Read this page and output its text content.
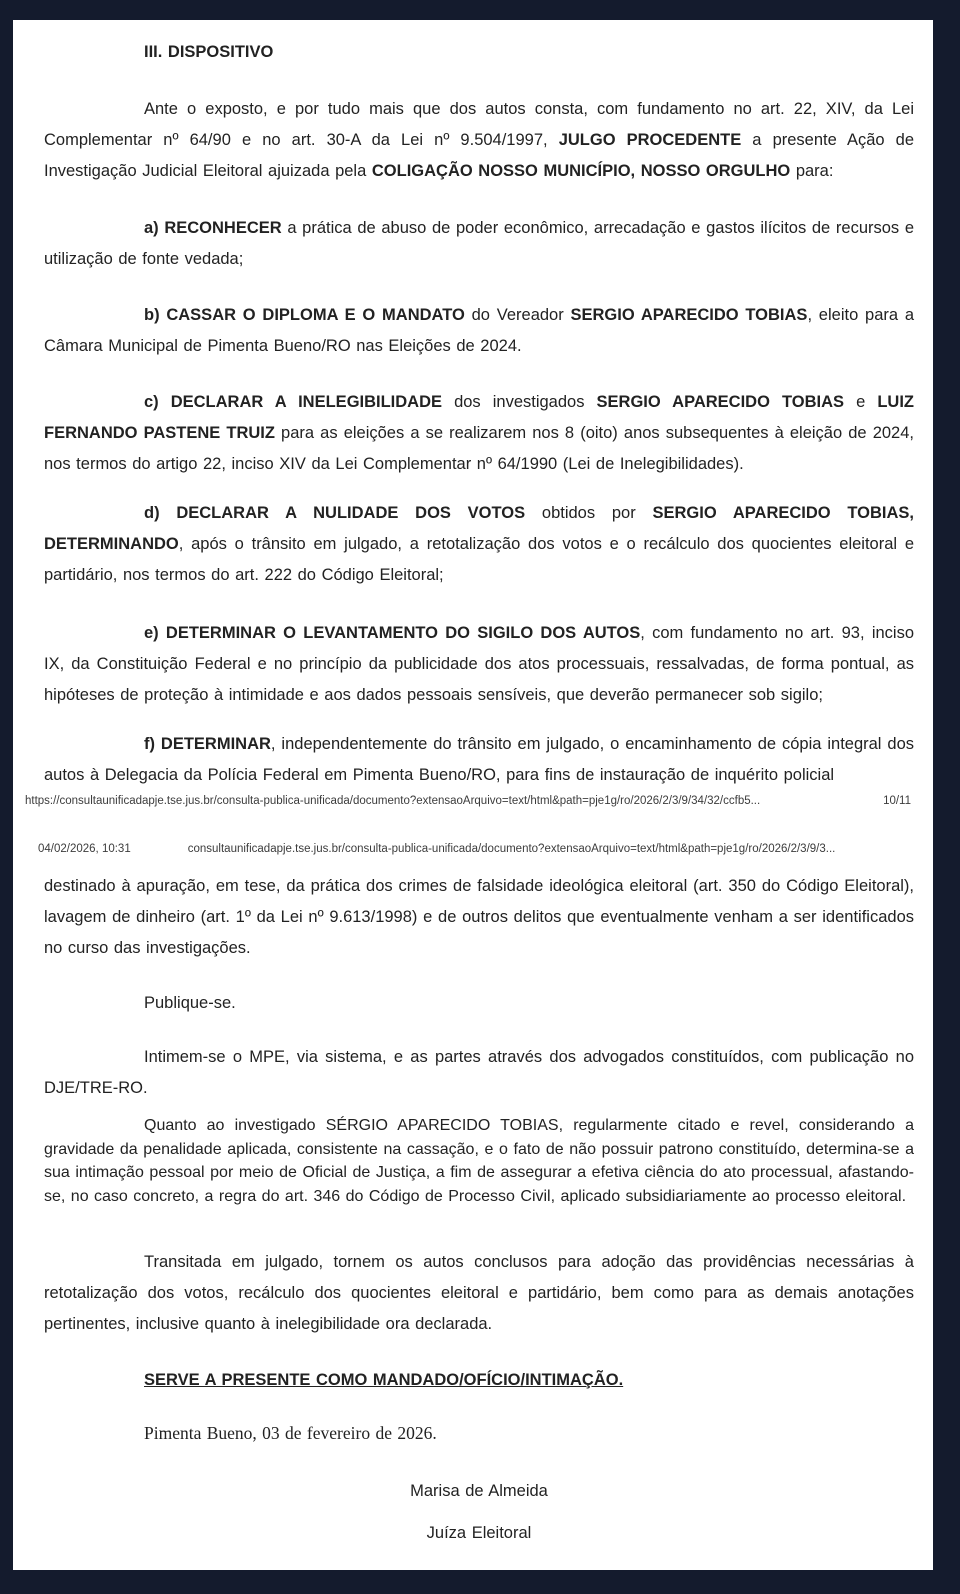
III. DISPOSITIVO

Ante o exposto, e por tudo mais que dos autos consta, com fundamento no art. 22, XIV, da Lei Complementar nº 64/90 e no art. 30-A da Lei nº 9.504/1997, JULGO PROCEDENTE a presente Ação de Investigação Judicial Eleitoral ajuizada pela COLIGAÇÃO NOSSO MUNICÍPIO, NOSSO ORGULHO para:

a) RECONHECER a prática de abuso de poder econômico, arrecadação e gastos ilícitos de recursos e utilização de fonte vedada;

b) CASSAR O DIPLOMA E O MANDATO do Vereador SERGIO APARECIDO TOBIAS, eleito para a Câmara Municipal de Pimenta Bueno/RO nas Eleições de 2024.

c) DECLARAR A INELEGIBILIDADE dos investigados SERGIO APARECIDO TOBIAS e LUIZ FERNANDO PASTENE TRUIZ para as eleições a se realizarem nos 8 (oito) anos subsequentes à eleição de 2024, nos termos do artigo 22, inciso XIV da Lei Complementar nº 64/1990 (Lei de Inelegibilidades).

d) DECLARAR A NULIDADE DOS VOTOS obtidos por SERGIO APARECIDO TOBIAS, DETERMINANDO, após o trânsito em julgado, a retotalização dos votos e o recálculo dos quocientes eleitoral e partidário, nos termos do art. 222 do Código Eleitoral;

e) DETERMINAR O LEVANTAMENTO DO SIGILO DOS AUTOS, com fundamento no art. 93, inciso IX, da Constituição Federal e no princípio da publicidade dos atos processuais, ressalvadas, de forma pontual, as hipóteses de proteção à intimidade e aos dados pessoais sensíveis, que deverão permanecer sob sigilo;

f) DETERMINAR, independentemente do trânsito em julgado, o encaminhamento de cópia integral dos autos à Delegacia da Polícia Federal em Pimenta Bueno/RO, para fins de instauração de inquérito policial

destinado à apuração, em tese, da prática dos crimes de falsidade ideológica eleitoral (art. 350 do Código Eleitoral), lavagem de dinheiro (art. 1º da Lei nº 9.613/1998) e de outros delitos que eventualmente venham a ser identificados no curso das investigações.

Publique-se.

Intimem-se o MPE, via sistema, e as partes através dos advogados constituídos, com publicação no DJE/TRE-RO.

Quanto ao investigado SÉRGIO APARECIDO TOBIAS, regularmente citado e revel, considerando a gravidade da penalidade aplicada, consistente na cassação, e o fato de não possuir patrono constituído, determina-se a sua intimação pessoal por meio de Oficial de Justiça, a fim de assegurar a efetiva ciência do ato processual, afastando-se, no caso concreto, a regra do art. 346 do Código de Processo Civil, aplicado subsidiariamente ao processo eleitoral.

Transitada em julgado, tornem os autos conclusos para adoção das providências necessárias à retotalização dos votos, recálculo dos quocientes eleitoral e partidário, bem como para as demais anotações pertinentes, inclusive quanto à inelegibilidade ora declarada.

SERVE A PRESENTE COMO MANDADO/OFÍCIO/INTIMAÇÃO.

Pimenta Bueno, 03 de fevereiro de 2026.

Marisa de Almeida

Juíza Eleitoral

https://consultaunificadapje.tse.jus.br/consulta-publica-unificada/documento?extensaoArquivo=text/html&path=pje1g/ro/2026/2/3/9/34/32/ccfb5...	10/11
04/02/2026, 10:31	consultaunificadapje.tse.jus.br/consulta-publica-unificada/documento?extensaoArquivo=text/html&path=pje1g/ro/2026/2/3/9/3...
